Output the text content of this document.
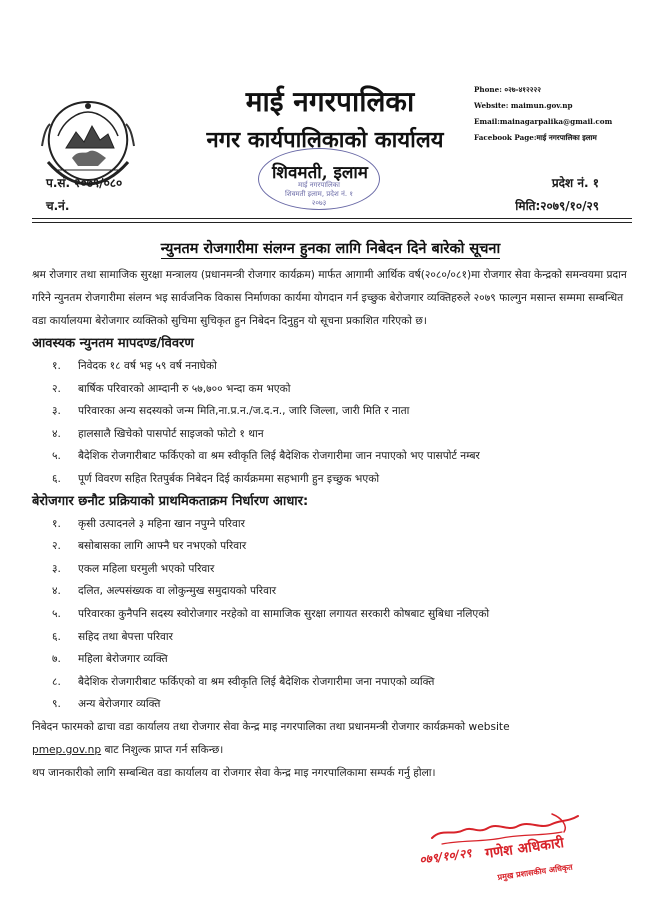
माई नगरपालिका
नगर कार्यपालिकाको कार्यालय
शिवमती, इलाम
माई नगरपालिका
शिवमती इलाम, प्रदेश नं. १
२०७३
Phone: ०२७-४१२२२२
Website: maimun.gov.np
Email:mainagarpalika@gmail.com
Facebook Page:माई नगरपालिका इलाम
प.सं. २०७९/०८०
च.नं.
प्रदेश नं. १
मिति:२०७९/१०/२९
न्युनतम रोजगारीमा संलग्न हुनका लागि निबेदन दिने बारेको सूचना

श्रम रोजगार तथा सामाजिक सुरक्षा मन्त्रालय (प्रधानमन्त्री रोजगार कार्यक्रम) मार्फत आगामी आर्थिक वर्ष(२०८०/०८१)मा रोजगार सेवा केन्द्रको समन्वयमा प्रदान गरिने न्युनतम रोजगारीमा संलग्न भइ सार्वजनिक विकास निर्माणका कार्यमा योगदान गर्न इच्छुक बेरोजगार व्यक्तिहरुले २०७९ फाल्गुन मसान्त सम्ममा सम्बन्धित वडा कार्यालयमा बेरोजगार व्यक्तिको सुचिमा सुचिकृत हुन निबेदन दिनुहुन यो सूचना प्रकाशित गरिएको छ।

आवस्यक न्युनतम मापदण्ड/विवरण
१. निवेदक १८ वर्ष भइ ५९ वर्ष ननाघेको
२. बार्षिक परिवारको आम्दानी रु ५७,७०० भन्दा कम भएको
३. परिवारका अन्य सदस्यको जन्म मिति,ना.प्र.न./ज.द.न., जारि जिल्ला, जारी मिति र नाता
४. हालसालै खिचेको पासपोर्ट साइजको फोटो १ थान
५. बैदेशिक रोजगारीबाट फर्किएको वा श्रम स्वीकृति लिई बैदेशिक रोजगारीमा जान नपाएको भए पासपोर्ट नम्बर
६. पूर्ण विवरण सहित रितपुर्बक निबेदन दिई कार्यक्रममा सहभागी हुन इच्छुक भएको
बेरोजगार छनौट प्रक्रियाको प्राथमिकताक्रम निर्धारण आधार:
१. कृसी उत्पादनले ३ महिना खान नपुग्ने परिवार
२. बसोबासका लागि आफ्नै घर नभएको परिवार
३. एकल महिला घरमुली भएको परिवार
४. दलित, अल्पसंख्यक वा लोकुन्मुख समुदायको परिवार
५. परिवारका कुनैपनि सदस्य स्वोरोजगार नरहेको वा सामाजिक सुरक्षा लगायत सरकारी कोषबाट सुबिधा नलिएको
६. सहिद तथा बेपत्ता परिवार
७. महिला बेरोजगार व्यक्ति
८. बैदेशिक रोजगारीबाट फर्किएको वा श्रम स्वीकृति लिई बैदेशिक रोजगारीमा जना नपाएको व्यक्ति
९. अन्य बेरोजगार व्यक्ति

निबेदन फारमको ढाचा वडा कार्यालय तथा रोजगार सेवा केन्द्र माइ नगरपालिका तथा प्रधानमन्त्री रोजगार कार्यक्रमको website

pmep.gov.np बाट निशुल्क प्राप्त गर्न सकिन्छ।

थप जानकारीको लागि सम्बन्धित वडा कार्यालय वा रोजगार सेवा केन्द्र माइ नगरपालिकामा सम्पर्क गर्नु होला।

०७९/१०/२९ गणेश अधिकारी
प्रमुख प्रशासकीय अधिकृत
